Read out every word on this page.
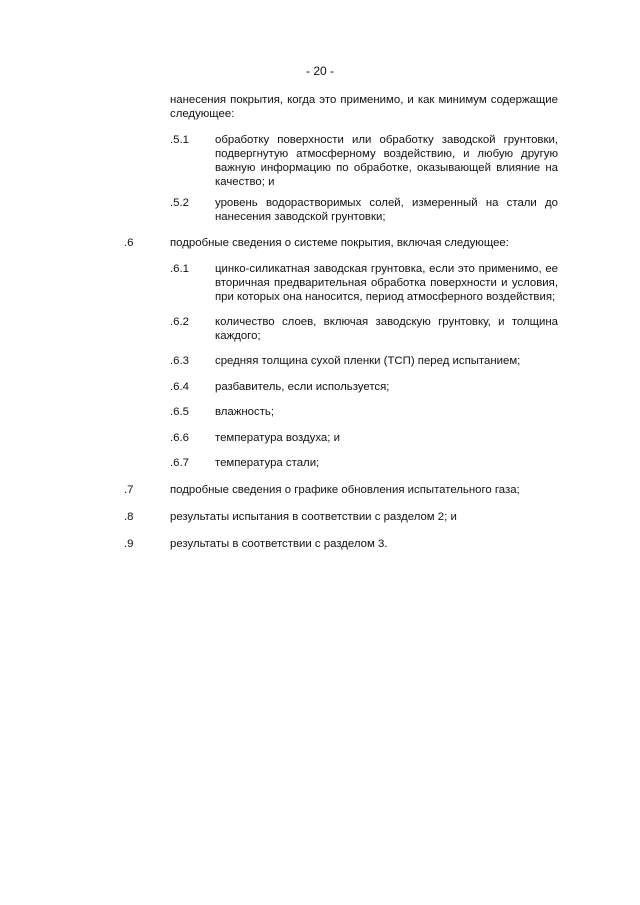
- 20 -
нанесения покрытия, когда это применимо, и как минимум содержащие следующее:
.5.1 обработку поверхности или обработку заводской грунтовки, подвергнутую атмосферному воздействию, и любую другую важную информацию по обработке, оказывающей влияние на качество; и
.5.2 уровень водорастворимых солей, измеренный на стали до нанесения заводской грунтовки;
.6	подробные сведения о системе покрытия, включая следующее:
.6.1 цинко-силикатная заводская грунтовка, если это применимо, ее вторичная предварительная обработка поверхности и условия, при которых она наносится, период атмосферного воздействия;
.6.2 количество слоев, включая заводскую грунтовку, и толщина каждого;
.6.3 средняя толщина сухой пленки (ТСП) перед испытанием;
.6.4 разбавитель, если используется;
.6.5 влажность;
.6.6 температура воздуха; и
.6.7 температура стали;
.7	подробные сведения о графике обновления испытательного газа;
.8	результаты испытания в соответствии с разделом 2; и
.9	результаты в соответствии с разделом 3.
